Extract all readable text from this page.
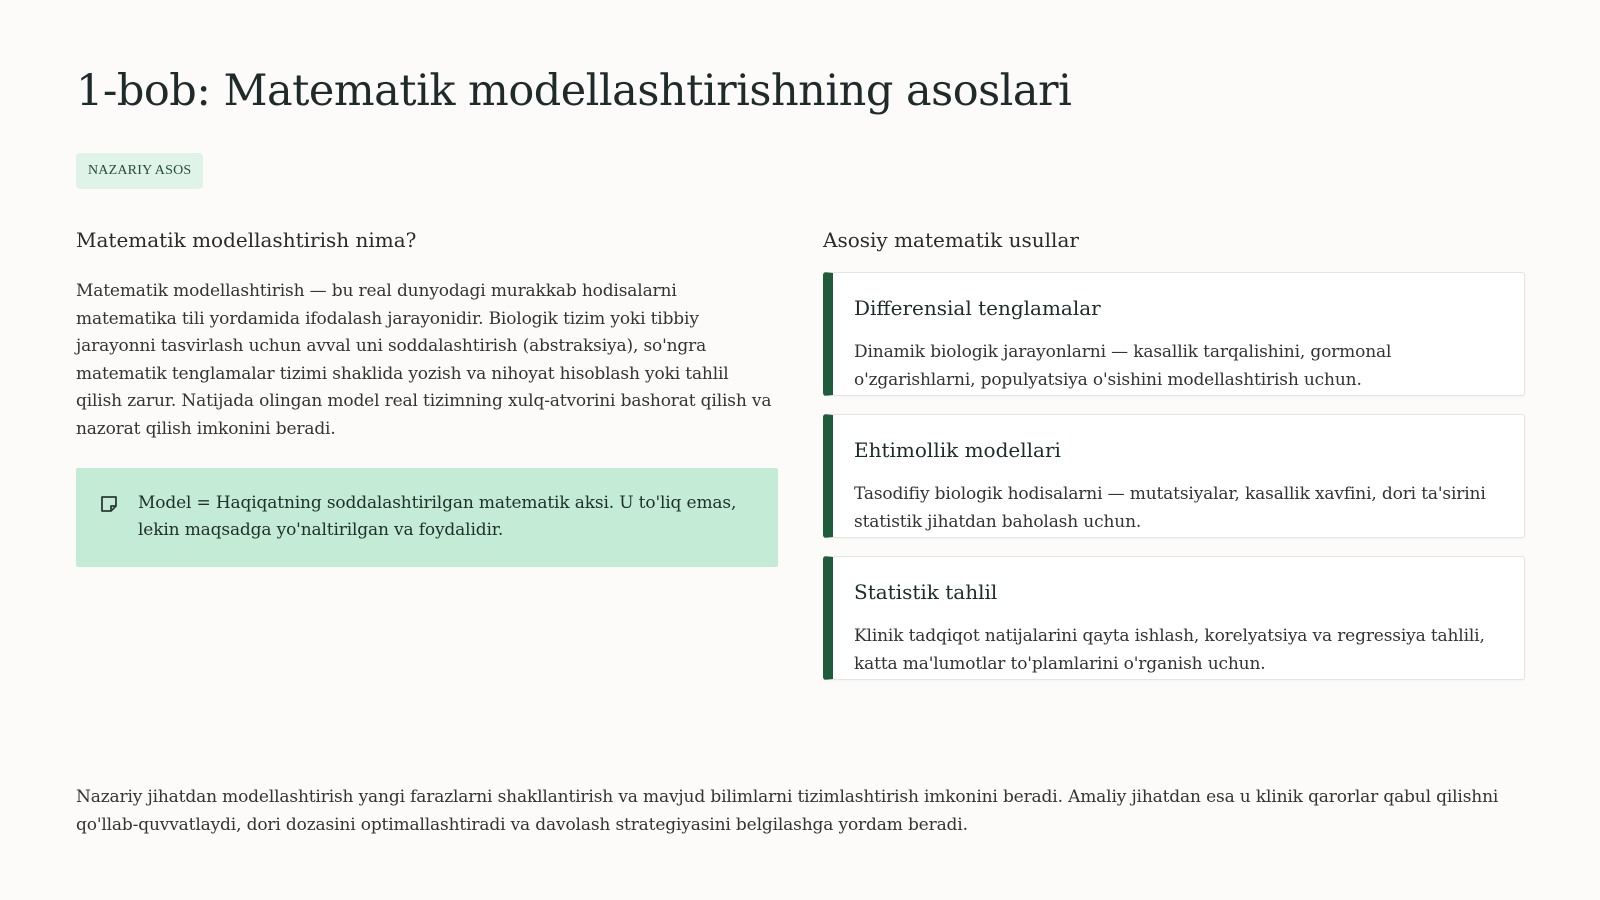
1-bob: Matematik modellashtirishning asoslari
NAZARIY ASOS
Matematik modellashtirish nima?

Matematik modellashtirish — bu real dunyodagi murakkab hodisalarni matematika tili yordamida ifodalash jarayonidir. Biologik tizim yoki tibbiy jarayonni tasvirlash uchun avval uni soddalashtirish (abstraksiya), so'ngra matematik tenglamalar tizimi shaklida yozish va nihoyat hisoblash yoki tahlil qilish zarur. Natijada olingan model real tizimning xulq-atvorini bashorat qilish va nazorat qilish imkonini beradi.

Model = Haqiqatning soddalashtirilgan matematik aksi. U to'liq emas, lekin maqsadga yo'naltirilgan va foydalidir.
Asosiy matematik usullar
Differensial tenglamalar

Dinamik biologik jarayonlarni — kasallik tarqalishini, gormonal o'zgarishlarni, populyatsiya o'sishini modellashtirish uchun.

Ehtimollik modellari

Tasodifiy biologik hodisalarni — mutatsiyalar, kasallik xavfini, dori ta'sirini statistik jihatdan baholash uchun.

Statistik tahlil

Klinik tadqiqot natijalarini qayta ishlash, korelyatsiya va regressiya tahlili, katta ma'lumotlar to'plamlarini o'rganish uchun.

Nazariy jihatdan modellashtirish yangi farazlarni shakllantirish va mavjud bilimlarni tizimlashtirish imkonini beradi. Amaliy jihatdan esa u klinik qarorlar qabul qilishni qo'llab-quvvatlaydi, dori dozasini optimallashtiradi va davolash strategiyasini belgilashga yordam beradi.
